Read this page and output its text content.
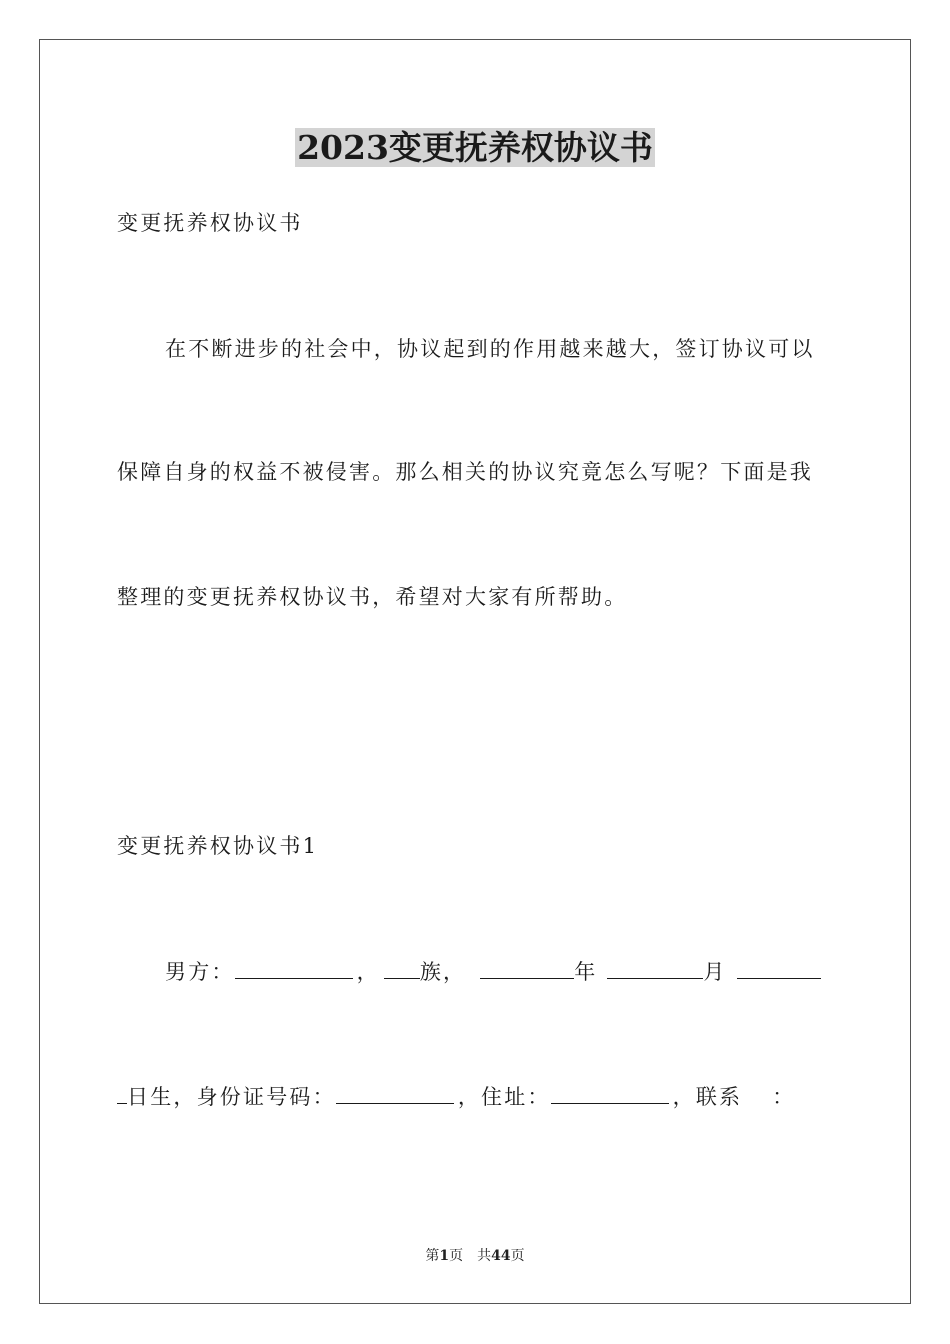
2023变更抚养权协议书

变更抚养权协议书

在不断进步的社会中，协议起到的作用越来越大，签订协议可以

保障自身的权益不被侵害。那么相关的协议究竟怎么写呢？下面是我

整理的变更抚养权协议书，希望对大家有所帮助。

变更抚养权协议书1

男方：	， 族，	年	月

日生，身份证号码：	，住址：	，联系 ：

第1页 共44页
